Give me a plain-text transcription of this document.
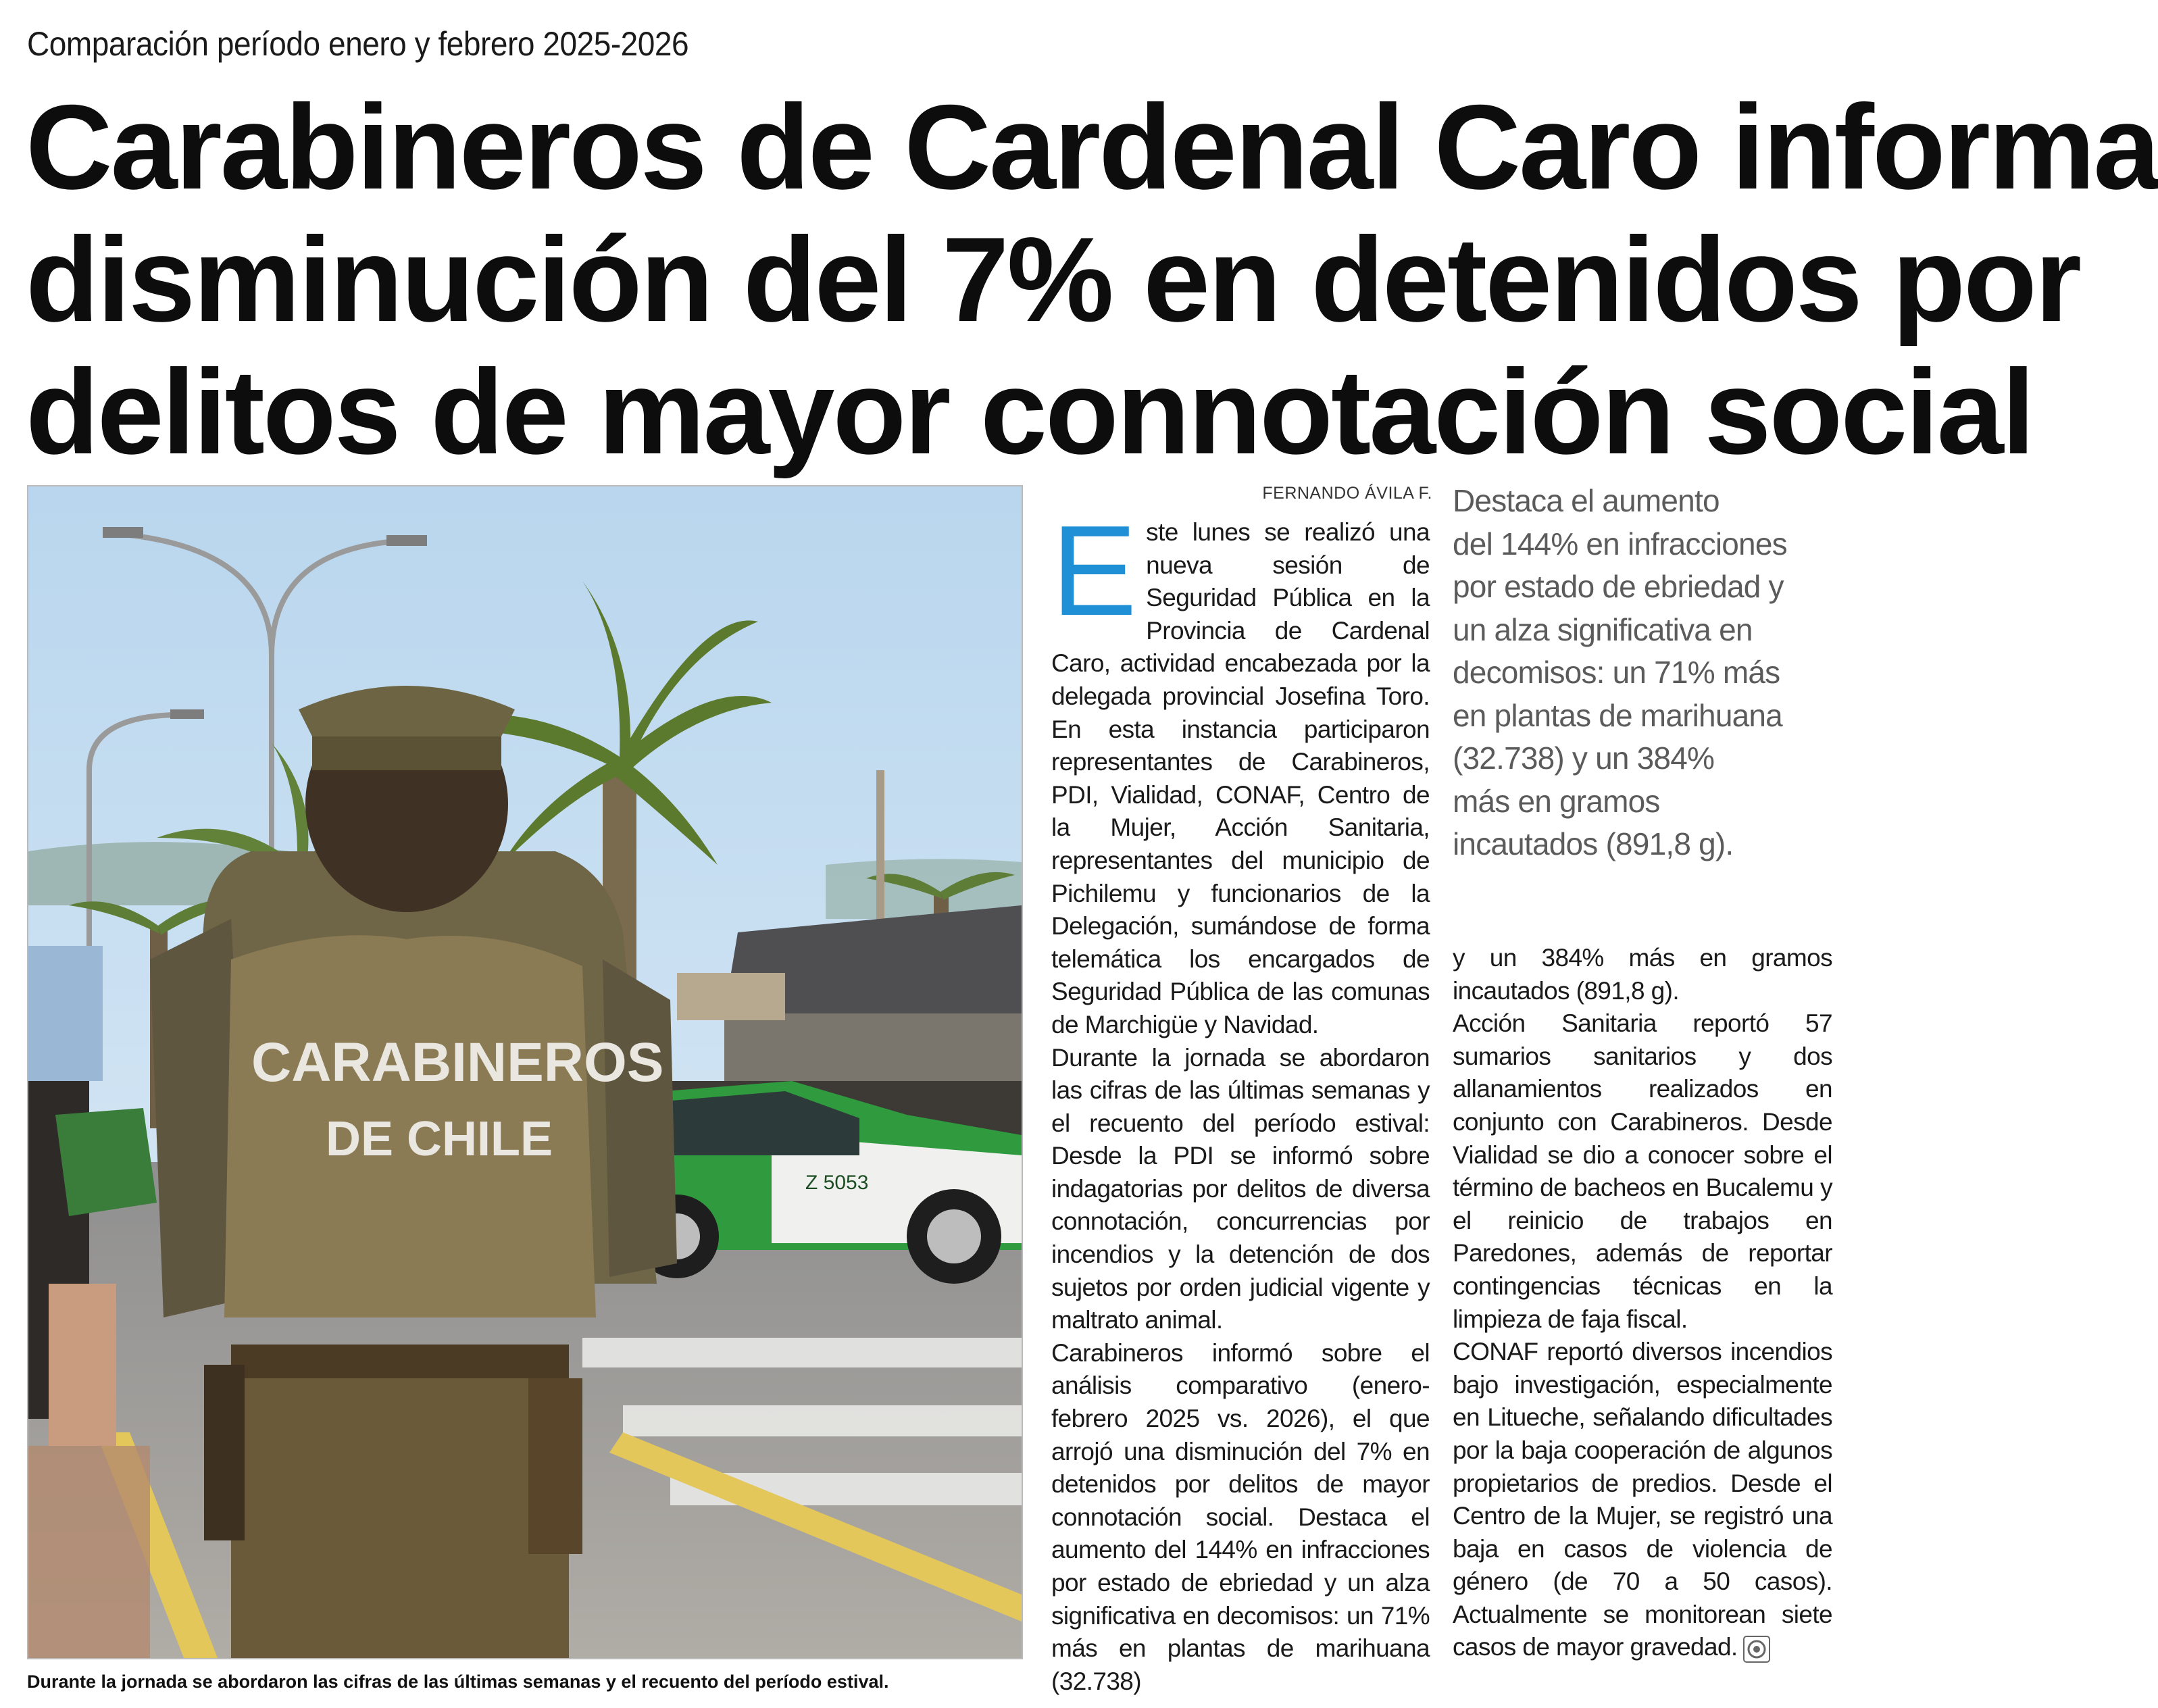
Comparación período enero y febrero 2025-2026
Carabineros de Cardenal Caro informa
disminución del 7% en detenidos por
delitos de mayor connotación social
Z 5053
CARABINEROS
DE CHILE
Durante la jornada se abordaron las cifras de las últimas semanas y el recuento del período estival.
FERNANDO ÁVILA F.

Este lunes se realizó una nueva sesión de Seguridad Pública en la Provincia de Cardenal Caro, actividad encabezada por la delegada provincial Josefina Toro. En esta instancia participaron representantes de Carabineros, PDI, Vialidad, CONAF, Centro de la Mujer, Acción Sanitaria, representantes del municipio de Pichilemu y funcionarios de la Delegación, sumándose de forma telemática los encargados de Seguridad Pública de las comunas de Marchigüe y Navidad.

Durante la jornada se abordaron las cifras de las últimas semanas y el recuento del período estival: Desde la PDI se informó sobre indagatorias por delitos de diversa connotación, concurrencias por incendios y la detención de dos sujetos por orden judicial vigente y maltrato animal.

Carabineros informó sobre el análisis comparativo (enero-febrero 2025 vs. 2026), el que arrojó una disminución del 7% en detenidos por delitos de mayor connotación social. Destaca el aumento del 144% en infracciones por estado de ebriedad y un alza significativa en decomisos: un 71% más en plantas de marihuana (32.738)

Destaca el aumento
del 144% en infracciones
por estado de ebriedad y
un alza significativa en
decomisos: un 71% más
en plantas de marihuana
(32.738) y un 384%
más en gramos
incautados (891,8 g).

y un 384% más en gramos incautados (891,8 g).

Acción Sanitaria reportó 57 sumarios sanitarios y dos allanamientos realizados en conjunto con Carabineros. Desde Vialidad se dio a conocer sobre el término de bacheos en Bucalemu y el reinicio de trabajos en Paredones, además de reportar contingencias técnicas en la limpieza de faja fiscal.

CONAF reportó diversos incendios bajo investigación, especialmente en Litueche, señalando dificultades por la baja cooperación de algunos propietarios de predios. Desde el Centro de la Mujer, se registró una baja en casos de violencia de género (de 70 a 50 casos). Actualmente se monitorean siete casos de mayor gravedad.
